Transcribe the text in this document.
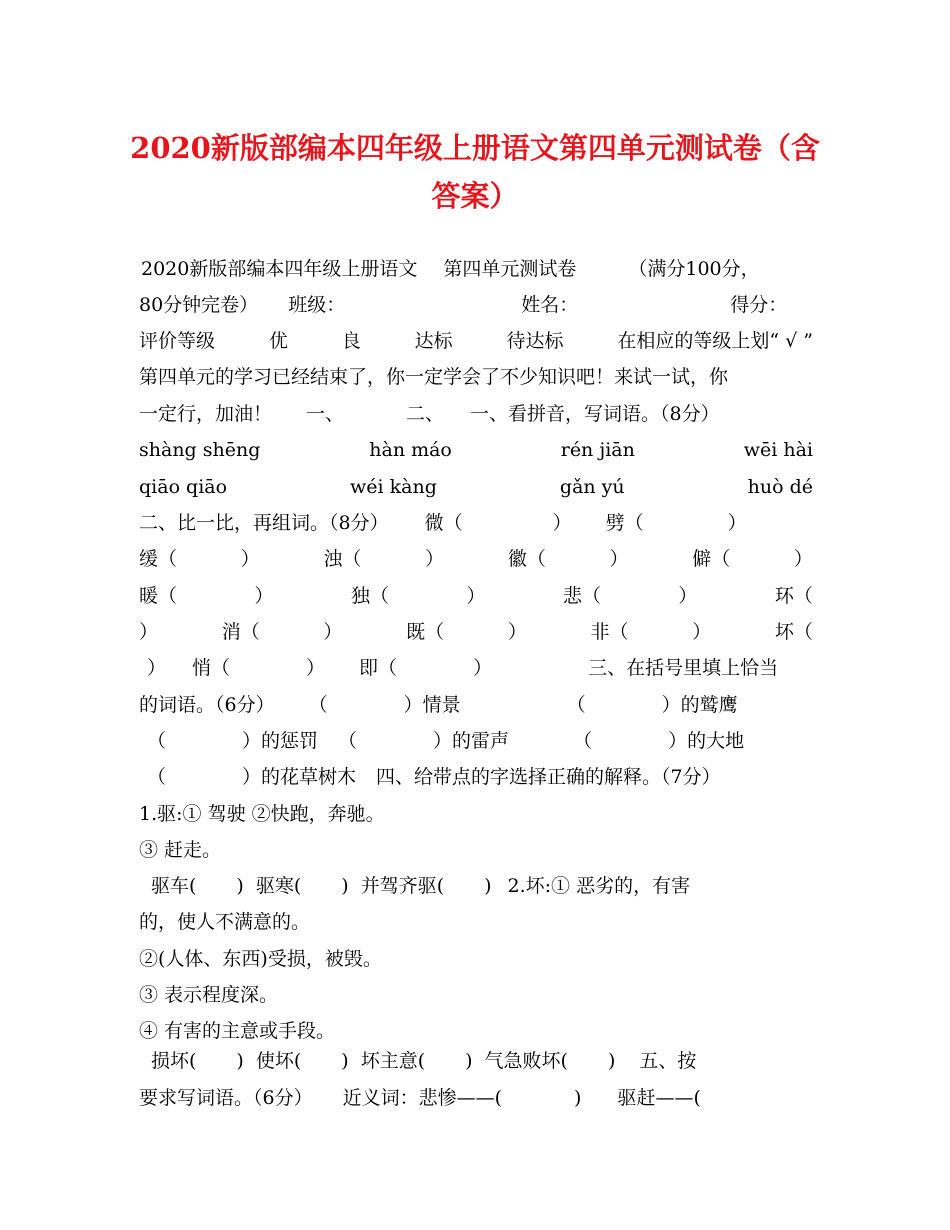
2020新版部编本四年级上册语文第四单元测试卷（含
答案）
2020新版部编本四年级上册语文 第四单元测试卷	（满分100分，
80分钟完卷） 班级：	姓名：	得分：
评价等级	优	良	达标	待达标	在相应的等级上划“ √ ”
第四单元的学习已经结束了，你一定学会了不少知识吧！来试一试，你
一定行，加油！ 一、	二、 一、看拼音，写词语。（8分）
shàng shēng	hàn máo	rén jiān	wēi hài
qiāo qiāo	wéi kàng	gǎn yú	huò dé
二、比一比，再组词。（8分） 微（	） 劈（	）
缓（	）	浊（	）	徽（	）	僻（	）
暖（	）	独（	）	悲（	）	环（
）	消（	）	既（	）	非（	）	坏（
） 悄（	） 即（	）	三、在括号里填上恰当
的词语。（6分） （	）情景	（	）的鹫鹰
（	）的惩罚 （	）的雷声	（	）的大地
（	）的花草树木 四、给带点的字选择正确的解释。（7分）
1.驱:① 驾驶 ②快跑，奔驰。
③ 赶走。
驱车( ) 驱寒( ) 并驾齐驱( ) 2.坏:① 恶劣的，有害
的，使人不满意的。
②(人体、东西)受损，被毁。
③ 表示程度深。
④ 有害的主意或手段。
损坏( ) 使坏( ) 坏主意( ) 气急败坏( ) 五、按
要求写词语。（6分） 近义词：悲惨——(	) 驱赶——(
